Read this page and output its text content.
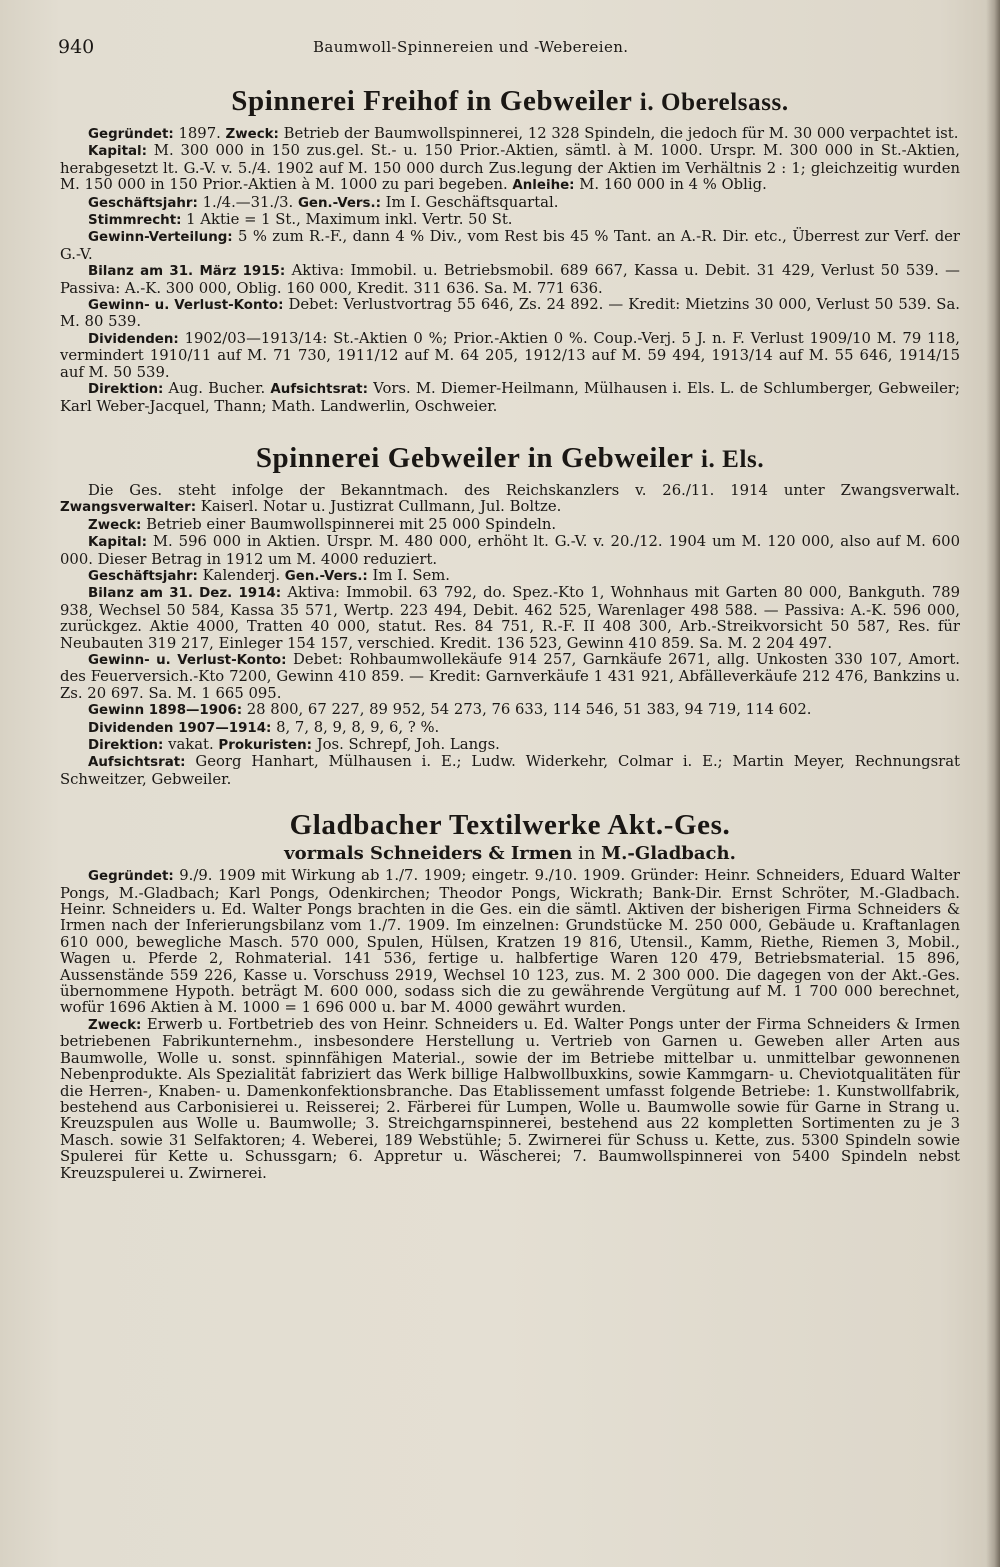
940	Baumwoll-Spinnereien und -Webereien.
Spinnerei Freihof in Gebweiler i. Oberelsass.

Gegründet: 1897. Zweck: Betrieb der Baumwollspinnerei, 12 328 Spindeln, die jedoch für M. 30 000 verpachtet ist.

Kapital: M. 300 000 in 150 zus.gel. St.- u. 150 Prior.-Aktien, sämtl. à M. 1000. Urspr. M. 300 000 in St.-Aktien, herabgesetzt lt. G.-V. v. 5./4. 1902 auf M. 150 000 durch Zus.legung der Aktien im Verhältnis 2 : 1; gleichzeitig wurden M. 150 000 in 150 Prior.-Aktien à M. 1000 zu pari begeben. Anleihe: M. 160 000 in 4 % Oblig.

Geschäftsjahr: 1./4.—31./3. Gen.-Vers.: Im I. Geschäftsquartal.

Stimmrecht: 1 Aktie = 1 St., Maximum inkl. Vertr. 50 St.

Gewinn-Verteilung: 5 % zum R.-F., dann 4 % Div., vom Rest bis 45 % Tant. an A.-R. Dir. etc., Überrest zur Verf. der G.-V.

Bilanz am 31. März 1915: Aktiva: Immobil. u. Betriebsmobil. 689 667, Kassa u. Debit. 31 429, Verlust 50 539. — Passiva: A.-K. 300 000, Oblig. 160 000, Kredit. 311 636. Sa. M. 771 636.

Gewinn- u. Verlust-Konto: Debet: Verlustvortrag 55 646, Zs. 24 892. — Kredit: Mietzins 30 000, Verlust 50 539. Sa. M. 80 539.

Dividenden: 1902/03—1913/14: St.-Aktien 0 %; Prior.-Aktien 0 %. Coup.-Verj. 5 J. n. F. Verlust 1909/10 M. 79 118, vermindert 1910/11 auf M. 71 730, 1911/12 auf M. 64 205, 1912/13 auf M. 59 494, 1913/14 auf M. 55 646, 1914/15 auf M. 50 539.

Direktion: Aug. Bucher. Aufsichtsrat: Vors. M. Diemer-Heilmann, Mülhausen i. Els. L. de Schlumberger, Gebweiler; Karl Weber-Jacquel, Thann; Math. Landwerlin, Oschweier.

Spinnerei Gebweiler in Gebweiler i. Els.

Die Ges. steht infolge der Bekanntmach. des Reichskanzlers v. 26./11. 1914 unter Zwangsverwalt. Zwangsverwalter: Kaiserl. Notar u. Justizrat Cullmann, Jul. Boltze.

Zweck: Betrieb einer Baumwollspinnerei mit 25 000 Spindeln.

Kapital: M. 596 000 in Aktien. Urspr. M. 480 000, erhöht lt. G.-V. v. 20./12. 1904 um M. 120 000, also auf M. 600 000. Dieser Betrag in 1912 um M. 4000 reduziert.

Geschäftsjahr: Kalenderj. Gen.-Vers.: Im I. Sem.

Bilanz am 31. Dez. 1914: Aktiva: Immobil. 63 792, do. Spez.-Kto 1, Wohnhaus mit Garten 80 000, Bankguth. 789 938, Wechsel 50 584, Kassa 35 571, Wertp. 223 494, Debit. 462 525, Warenlager 498 588. — Passiva: A.-K. 596 000, zurückgez. Aktie 4000, Tratten 40 000, statut. Res. 84 751, R.-F. II 408 300, Arb.-Streikvorsicht 50 587, Res. für Neubauten 319 217, Einleger 154 157, verschied. Kredit. 136 523, Gewinn 410 859. Sa. M. 2 204 497.

Gewinn- u. Verlust-Konto: Debet: Rohbaumwollekäufe 914 257, Garnkäufe 2671, allg. Unkosten 330 107, Amort. des Feuerversich.-Kto 7200, Gewinn 410 859. — Kredit: Garnverkäufe 1 431 921, Abfälleverkäufe 212 476, Bankzins u. Zs. 20 697. Sa. M. 1 665 095.

Gewinn 1898—1906: 28 800, 67 227, 89 952, 54 273, 76 633, 114 546, 51 383, 94 719, 114 602.

Dividenden 1907—1914: 8, 7, 8, 9, 8, 9, 6, ? %.

Direktion: vakat. Prokuristen: Jos. Schrepf, Joh. Langs.

Aufsichtsrat: Georg Hanhart, Mülhausen i. E.; Ludw. Widerkehr, Colmar i. E.; Martin Meyer, Rechnungsrat Schweitzer, Gebweiler.

Gladbacher Textilwerke Akt.-Ges.
vormals Schneiders & Irmen in M.-Gladbach.

Gegründet: 9./9. 1909 mit Wirkung ab 1./7. 1909; eingetr. 9./10. 1909. Gründer: Heinr. Schneiders, Eduard Walter Pongs, M.-Gladbach; Karl Pongs, Odenkirchen; Theodor Pongs, Wickrath; Bank-Dir. Ernst Schröter, M.-Gladbach. Heinr. Schneiders u. Ed. Walter Pongs brachten in die Ges. ein die sämtl. Aktiven der bisherigen Firma Schneiders & Irmen nach der Inferierungsbilanz vom 1./7. 1909. Im einzelnen: Grundstücke M. 250 000, Gebäude u. Kraftanlagen 610 000, bewegliche Masch. 570 000, Spulen, Hülsen, Kratzen 19 816, Utensil., Kamm, Riethe, Riemen 3, Mobil., Wagen u. Pferde 2, Rohmaterial. 141 536, fertige u. halbfertige Waren 120 479, Betriebsmaterial. 15 896, Aussenstände 559 226, Kasse u. Vorschuss 2919, Wechsel 10 123, zus. M. 2 300 000. Die dagegen von der Akt.-Ges. übernommene Hypoth. beträgt M. 600 000, sodass sich die zu gewährende Vergütung auf M. 1 700 000 berechnet, wofür 1696 Aktien à M. 1000 = 1 696 000 u. bar M. 4000 gewährt wurden.

Zweck: Erwerb u. Fortbetrieb des von Heinr. Schneiders u. Ed. Walter Pongs unter der Firma Schneiders & Irmen betriebenen Fabrikunternehm., insbesondere Herstellung u. Vertrieb von Garnen u. Geweben aller Arten aus Baumwolle, Wolle u. sonst. spinnfähigen Material., sowie der im Betriebe mittelbar u. unmittelbar gewonnenen Nebenprodukte. Als Spezialität fabriziert das Werk billige Halbwollbuxkins, sowie Kammgarn- u. Cheviotqualitäten für die Herren-, Knaben- u. Damenkonfektionsbranche. Das Etablissement umfasst folgende Betriebe: 1. Kunstwollfabrik, bestehend aus Carbonisierei u. Reisserei; 2. Färberei für Lumpen, Wolle u. Baumwolle sowie für Garne in Strang u. Kreuzspulen aus Wolle u. Baumwolle; 3. Streichgarnspinnerei, bestehend aus 22 kompletten Sortimenten zu je 3 Masch. sowie 31 Selfaktoren; 4. Weberei, 189 Webstühle; 5. Zwirnerei für Schuss u. Kette, zus. 5300 Spindeln sowie Spulerei für Kette u. Schussgarn; 6. Appretur u. Wäscherei; 7. Baumwollspinnerei von 5400 Spindeln nebst Kreuzspulerei u. Zwirnerei.
